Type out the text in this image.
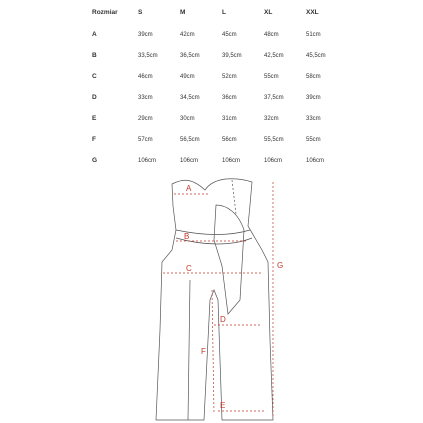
Rozmiar	S	M	L	XL	XXL	
A	39cm	42cm	45cm	48cm	51cm	
B	33,5cm	36,5cm	39,5cm	42,5cm	45,5cm	
C	46cm	49cm	52cm	55cm	58cm	
D	33cm	34,5cm	36cm	37,5cm	39cm	
E	29cm	30cm	31cm	32cm	33cm	
F	57cm	56,5cm	56cm	55,5cm	55cm	
G	106cm	106cm	106cm	106cm	106cm	
A
B
C
D
E
F
G
